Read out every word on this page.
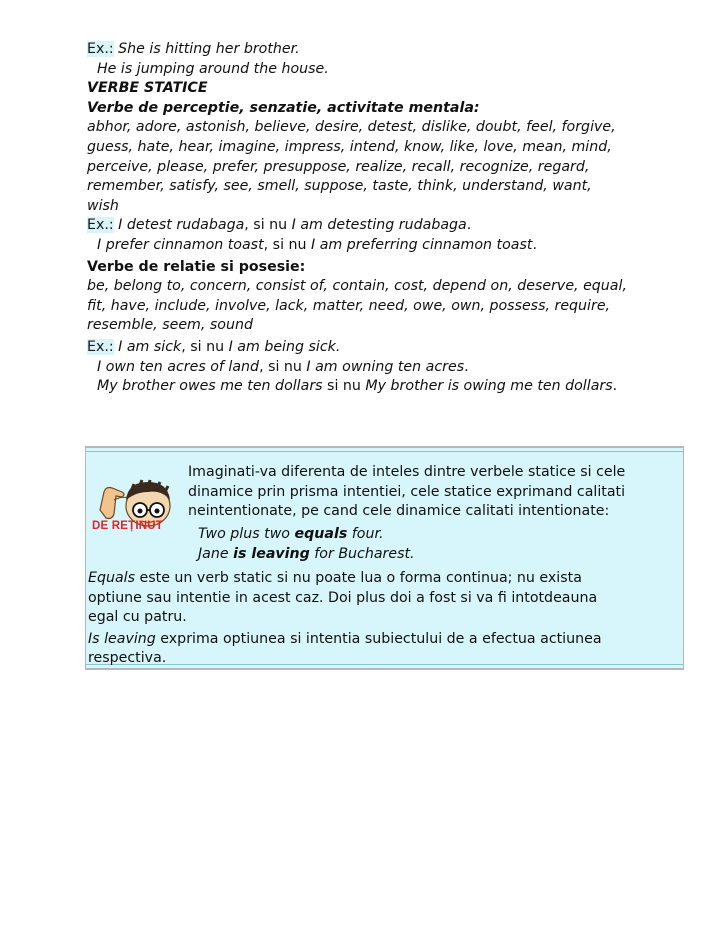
Ex.: She is hitting her brother.
He is jumping around the house.
VERBE STATICE
Verbe de perceptie, senzatie, activitate mentala:
abhor, adore, astonish, believe, desire, detest, dislike, doubt, feel, forgive,
guess, hate, hear, imagine, impress, intend, know, like, love, mean, mind,
perceive, please, prefer, presuppose, realize, recall, recognize, regard,
remember, satisfy, see, smell, suppose, taste, think, understand, want,
wish
Ex.: I detest rudabaga, si nu I am detesting rudabaga.
I prefer cinnamon toast, si nu I am preferring cinnamon toast.
Verbe de relatie si posesie:
be, belong to, concern, consist of, contain, cost, depend on, deserve, equal,
fit, have, include, involve, lack, matter, need, owe, own, possess, require,
resemble, seem, sound
Ex.: I am sick, si nu I am being sick.
I own ten acres of land, si nu I am owning ten acres.
My brother owes me ten dollars si nu My brother is owing me ten dollars.
DE REȚINUT
Imaginati-va diferenta de inteles dintre verbele statice si cele
dinamice prin prisma intentiei, cele statice exprimand calitati
neintentionate, pe cand cele dinamice calitati intentionate:
Two plus two equals four.
Jane is leaving for Bucharest.
Equals este un verb static si nu poate lua o forma continua; nu exista
optiune sau intentie in acest caz. Doi plus doi a fost si va fi intotdeauna
egal cu patru.
Is leaving exprima optiunea si intentia subiectului de a efectua actiunea
respectiva.
